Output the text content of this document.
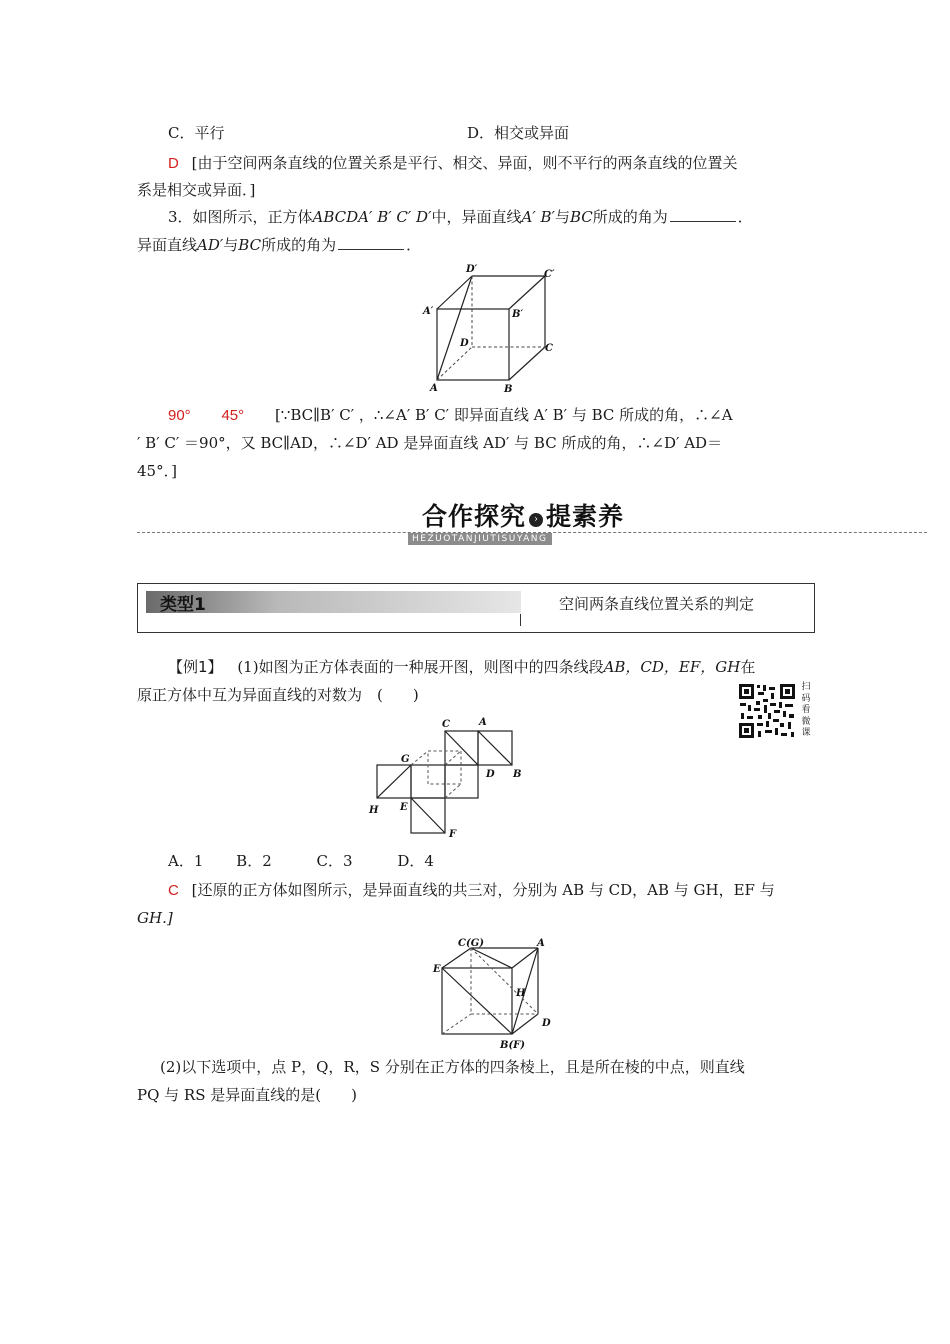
C．平行	D．相交或异面
D [由于空间两条直线的位置关系是平行、相交、异面，则不平行的两条直线的位置关
系是相交或异面．]
3．如图所示，正方体ABCDA′ B′ C′ D′中，异面直线A′ B′与BC所成的角为	．
异面直线AD′与BC所成的角为	．
D′	C′
A′	B′
D	C
A	B
90° 45° [∵BC∥B′ C′ ，∴∠A′ B′ C′ 即异面直线 A′ B′ 与 BC 所成的角，∴∠A
′ B′ C′ ＝90°，又 BC∥AD，∴∠D′ AD 是异面直线 AD′ 与 BC 所成的角，∴∠D′ AD＝
45°．]
合作探究 › 提素养
HEZUOTANJIUTISUYANG
类型1	空间两条直线位置关系的判定
【例1】 (1)如图为正方体表面的一种展开图，则图中的四条线段AB，CD，EF，GH在
原正方体中互为异面直线的对数为　(　　)	扫
码
看
微
课
C	A
G
D B
H E
F
A．1 B．2	C．3	D．4
C [还原的正方体如图所示，是异面直线的共三对，分别为 AB 与 CD，AB 与 GH，EF 与
GH.]
C(G)	A
E
H
D
B(F)
(2)以下选项中，点 P，Q，R，S 分别在正方体的四条棱上，且是所在棱的中点，则直线
PQ 与 RS 是异面直线的是(　　)
